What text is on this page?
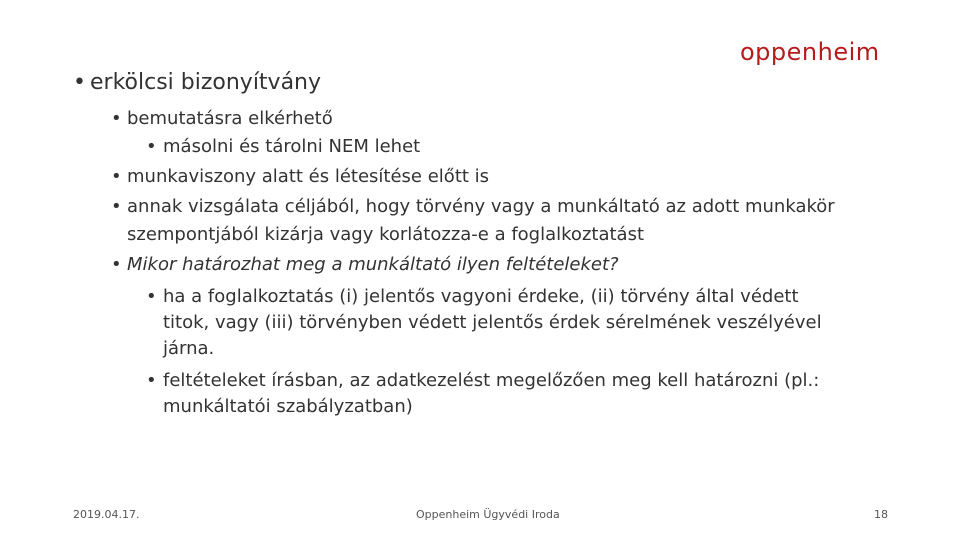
oppenheim
• erkölcsi bizonyítvány
• bemutatásra elkérhető
• másolni és tárolni NEM lehet
• munkaviszony alatt és létesítése előtt is
• annak vizsgálata céljából, hogy törvény vagy a munkáltató az adott munkakör
szempontjából kizárja vagy korlátozza-e a foglalkoztatást
• Mikor határozhat meg a munkáltató ilyen feltételeket?
• ha a foglalkoztatás (i) jelentős vagyoni érdeke, (ii) törvény által védett
titok, vagy (iii) törvényben védett jelentős érdek sérelmének veszélyével
járna.
• feltételeket írásban, az adatkezelést megelőzően meg kell határozni (pl.:
munkáltatói szabályzatban)
2019.04.17.	Oppenheim Ügyvédi Iroda	18
